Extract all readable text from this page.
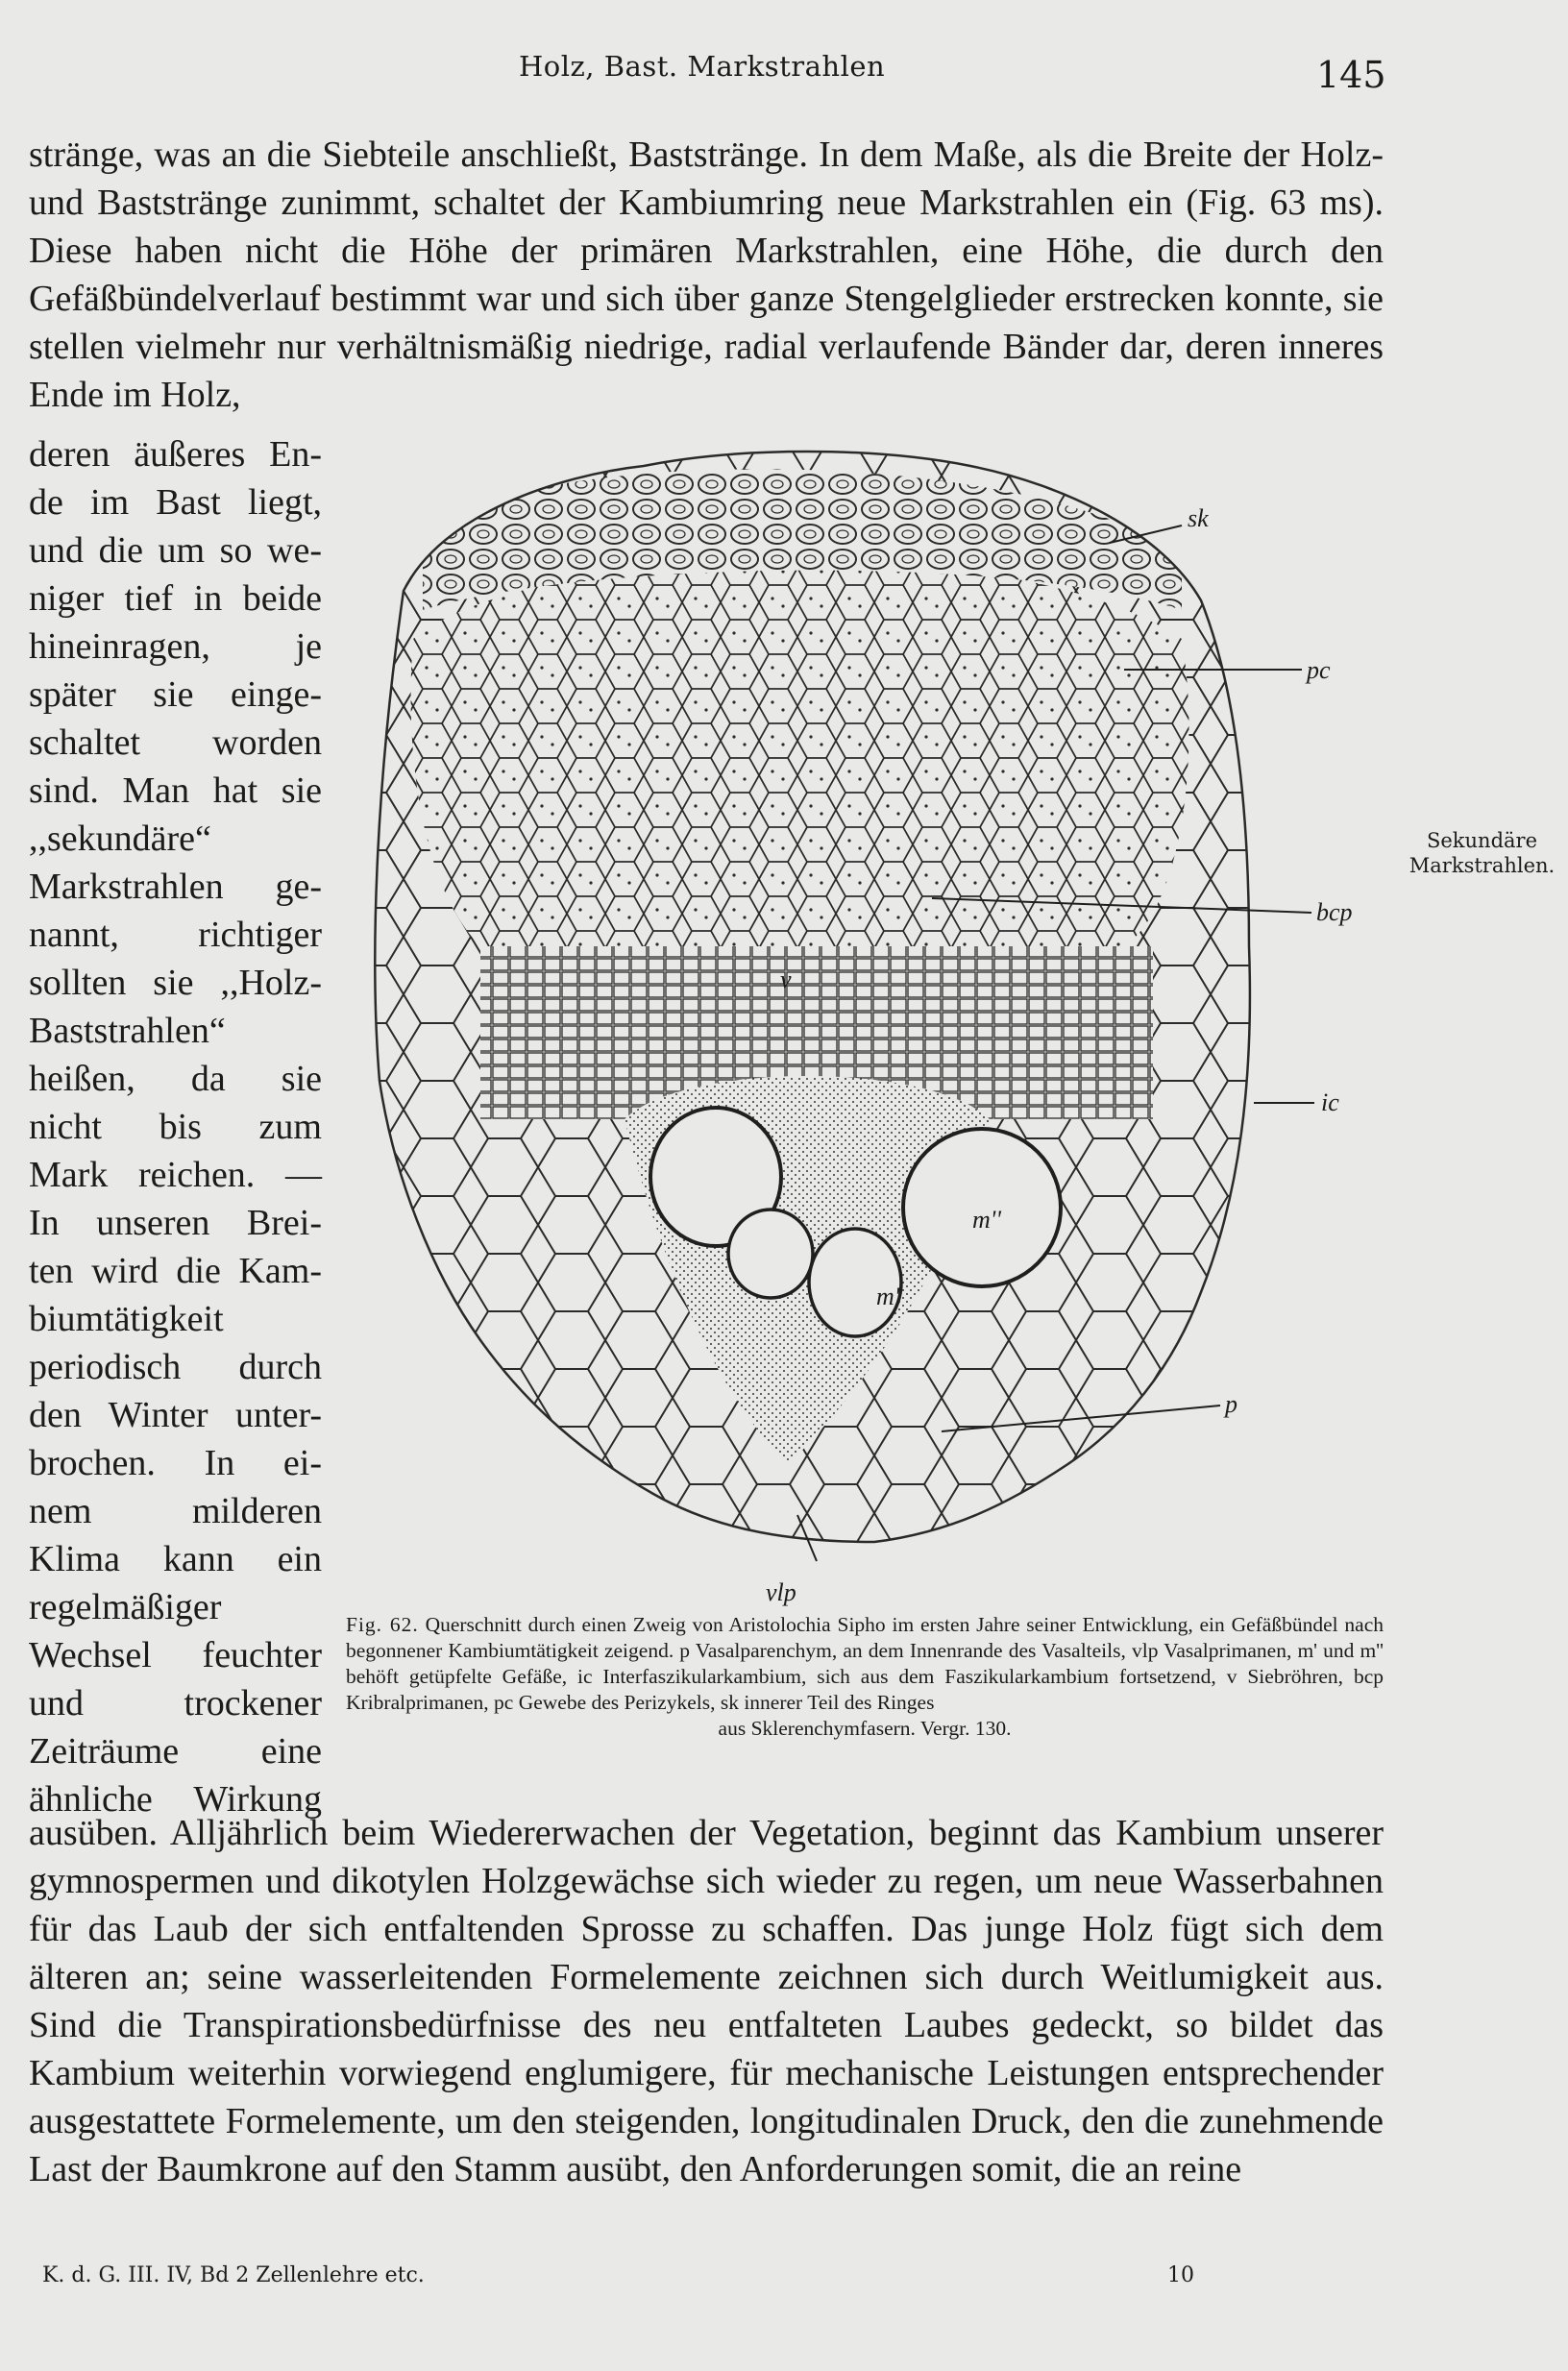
Holz, Bast. Markstrahlen	145

stränge, was an die Siebteile anschließt, Baststränge. In dem Maße, als die Breite der Holz- und Baststränge zunimmt, schaltet der Kambiumring neue Markstrahlen ein (Fig. 63 ms). Diese haben nicht die Höhe der primären Markstrahlen, eine Höhe, die durch den Gefäßbündelverlauf bestimmt war und sich über ganze Stengelglieder erstrecken konnte, sie stellen vielmehr nur verhältnismäßig niedrige, radial verlaufende Bänder dar, deren inneres Ende im Holz,

deren äußeres En-
de im Bast liegt,
und die um so we-
niger tief in beide
hineinragen, je
später sie einge-
schaltet worden
sind. Man hat sie
,,sekundäre“
Markstrahlen ge-
nannt, richtiger
sollten sie ,,Holz-
Baststrahlen“
heißen, da sie
nicht bis zum
Mark reichen. —
In unseren Brei-
ten wird die Kam-
biumtätigkeit
periodisch durch
den Winter unter-
brochen. In ei-
nem milderen
Klima kann ein
regelmäßiger
Wechsel feuchter
und trockener
Zeiträume eine
ähnliche Wirkung
Sekundäre Markstrahlen.
sk
pc
bcp
ic
v
m''
m'
p
vlp
Fig. 62. Querschnitt durch einen Zweig von Aristolochia Sipho im ersten Jahre seiner Entwicklung, ein Gefäßbündel nach begonnener Kambiumtätigkeit zeigend. p Vasalparenchym, an dem Innenrande des Vasalteils, vlp Vasalprimanen, m' und m'' behöft getüpfelte Gefäße, ic Interfaszikularkambium, sich aus dem Faszikularkambium fortsetzend, v Siebröhren, bcp Kribralprimanen, pc Gewebe des Perizykels, sk innerer Teil des Ringes
aus Sklerenchymfasern. Vergr. 130.

ausüben. Alljährlich beim Wiedererwachen der Vegetation, beginnt das Kambium unserer gymnospermen und dikotylen Holzgewächse sich wieder zu regen, um neue Wasserbahnen für das Laub der sich entfaltenden Sprosse zu schaffen. Das junge Holz fügt sich dem älteren an; seine wasserleitenden Formelemente zeichnen sich durch Weitlumigkeit aus. Sind die Transpirationsbedürfnisse des neu entfalteten Laubes gedeckt, so bildet das Kambium weiterhin vorwiegend englumigere, für mechanische Leistungen entsprechender ausgestattete Formelemente, um den steigenden, longitudinalen Druck, den die zunehmende Last der Baumkrone auf den Stamm ausübt, den Anforderungen somit, die an reine

K. d. G. III. IV, Bd 2 Zellenlehre etc.	10
